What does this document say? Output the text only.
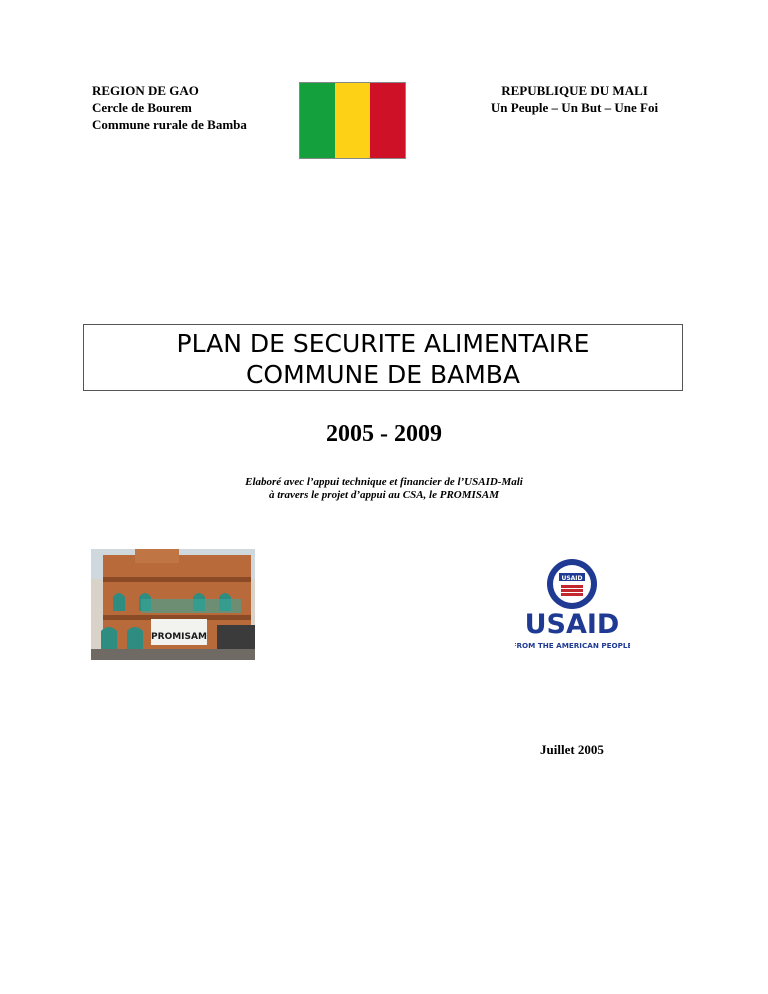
REGION DE GAO
Cercle de Bourem
Commune rurale de Bamba
REPUBLIQUE DU MALI
Un Peuple – Un But – Une Foi
PLAN DE SECURITE ALIMENTAIRE
COMMUNE DE BAMBA
2005 - 2009
Elaboré avec l’appui technique et financier de l’USAID-Mali
à travers le projet d’appui au CSA, le PROMISAM
PROMISAM
USAID
USAID
FROM THE AMERICAN PEOPLE
Juillet 2005
